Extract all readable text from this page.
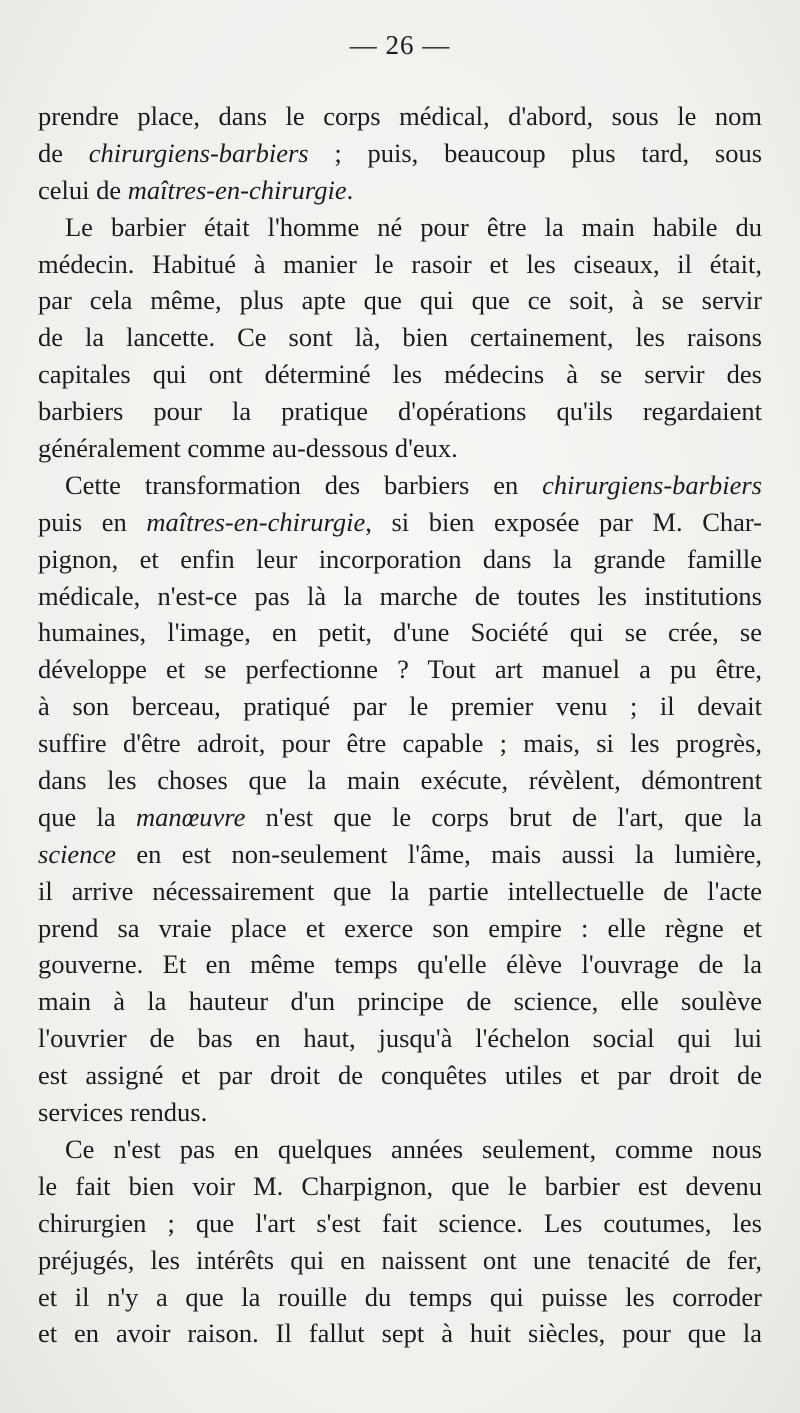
— 26 —
prendre place, dans le corps médical, d'abord, sous le nom
de chirurgiens-barbiers ; puis, beaucoup plus tard, sous
celui de maîtres-en-chirurgie.
Le barbier était l'homme né pour être la main habile du
médecin. Habitué à manier le rasoir et les ciseaux, il était,
par cela même, plus apte que qui que ce soit, à se servir
de la lancette. Ce sont là, bien certainement, les raisons
capitales qui ont déterminé les médecins à se servir des
barbiers pour la pratique d'opérations qu'ils regardaient
généralement comme au-dessous d'eux.
Cette transformation des barbiers en chirurgiens-barbiers
puis en maîtres-en-chirurgie, si bien exposée par M. Char-
pignon, et enfin leur incorporation dans la grande famille
médicale, n'est-ce pas là la marche de toutes les institutions
humaines, l'image, en petit, d'une Société qui se crée, se
développe et se perfectionne ? Tout art manuel a pu être,
à son berceau, pratiqué par le premier venu ; il devait
suffire d'être adroit, pour être capable ; mais, si les progrès,
dans les choses que la main exécute, révèlent, démontrent
que la manœuvre n'est que le corps brut de l'art, que la
science en est non-seulement l'âme, mais aussi la lumière,
il arrive nécessairement que la partie intellectuelle de l'acte
prend sa vraie place et exerce son empire : elle règne et
gouverne. Et en même temps qu'elle élève l'ouvrage de la
main à la hauteur d'un principe de science, elle soulève
l'ouvrier de bas en haut, jusqu'à l'échelon social qui lui
est assigné et par droit de conquêtes utiles et par droit de
services rendus.
Ce n'est pas en quelques années seulement, comme nous
le fait bien voir M. Charpignon, que le barbier est devenu
chirurgien ; que l'art s'est fait science. Les coutumes, les
préjugés, les intérêts qui en naissent ont une tenacité de fer,
et il n'y a que la rouille du temps qui puisse les corroder
et en avoir raison. Il fallut sept à huit siècles, pour que la
